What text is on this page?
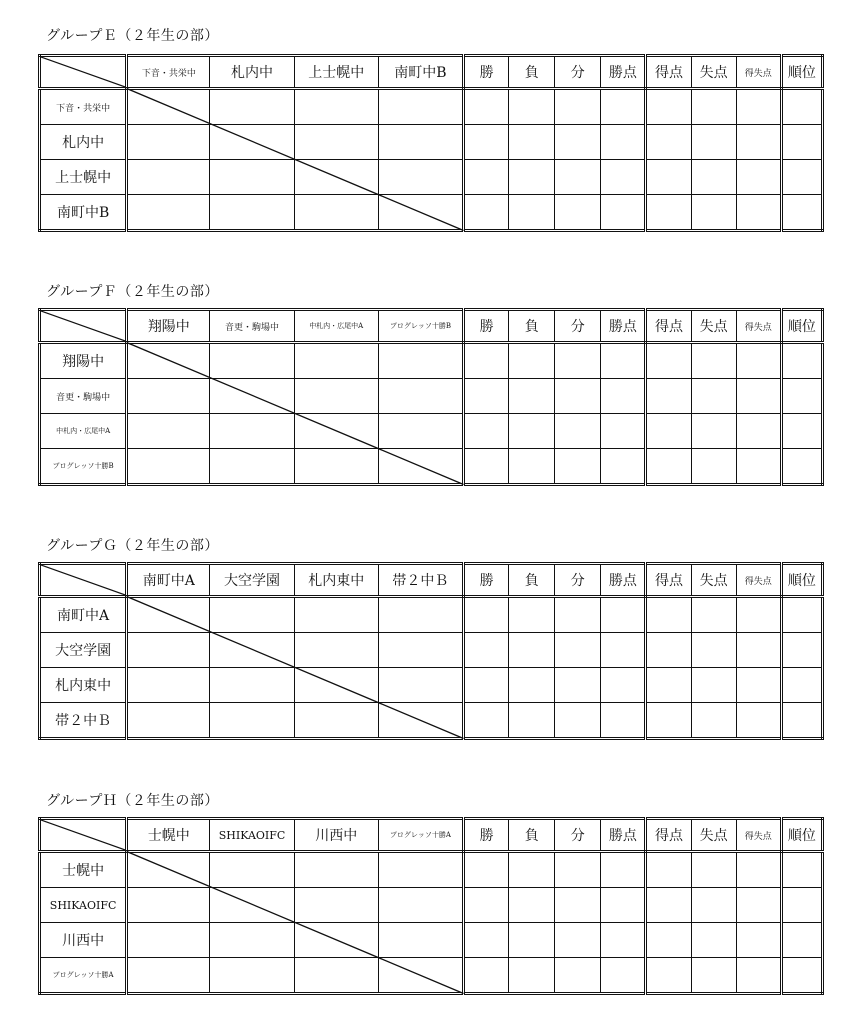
グループＥ（２年生の部）
	下音・共栄中	札内中	上士幌中	南町中B	勝	負	分	勝点	得点	失点	得失点	順位
下音・共栄中												
札内中												
上士幌中												
南町中B												
グループＦ（２年生の部）
	翔陽中	音更・駒場中	中札内・広尾中A	ブログレッソ十勝B	勝	負	分	勝点	得点	失点	得失点	順位
翔陽中												
音更・駒場中												
中札内・広尾中A												
ブログレッソ十勝B												
グループＧ（２年生の部）
	南町中A	大空学園	札内東中	帯２中Ｂ	勝	負	分	勝点	得点	失点	得失点	順位
南町中A												
大空学園												
札内東中												
帯２中Ｂ												
グループＨ（２年生の部）
	士幌中	SHIKAOIFC	川西中	ブログレッソ十勝A	勝	負	分	勝点	得点	失点	得失点	順位
士幌中												
SHIKAOIFC												
川西中												
ブログレッソ十勝A												
